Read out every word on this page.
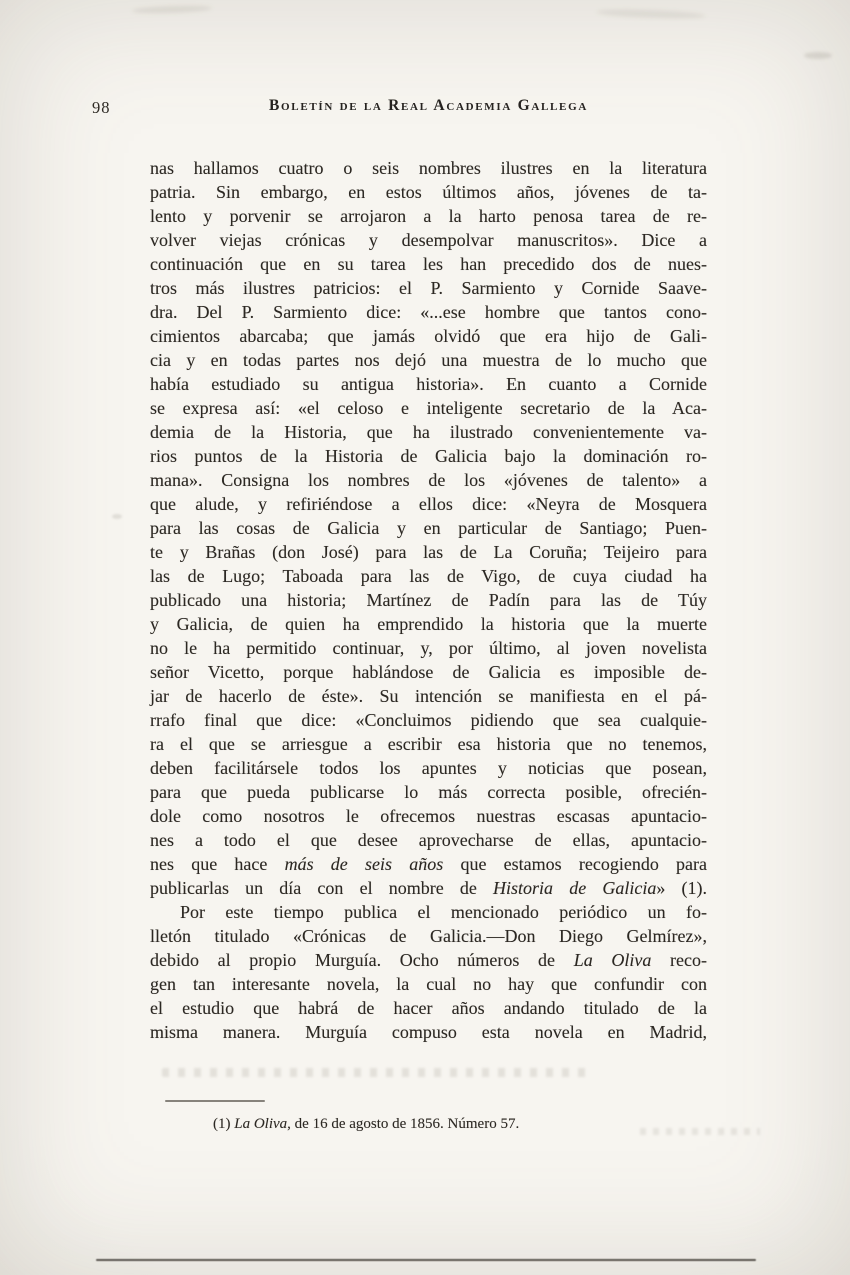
98	Boletín de la Real Academia Gallega
nas hallamos cuatro o seis nombres ilustres en la literatura
patria. Sin embargo, en estos últimos años, jóvenes de ta-
lento y porvenir se arrojaron a la harto penosa tarea de re-
volver viejas crónicas y desempolvar manuscritos». Dice a
continuación que en su tarea les han precedido dos de nues-
tros más ilustres patricios: el P. Sarmiento y Cornide Saave-
dra. Del P. Sarmiento dice: «...ese hombre que tantos cono-
cimientos abarcaba; que jamás olvidó que era hijo de Gali-
cia y en todas partes nos dejó una muestra de lo mucho que
había estudiado su antigua historia». En cuanto a Cornide
se expresa así: «el celoso e inteligente secretario de la Aca-
demia de la Historia, que ha ilustrado convenientemente va-
rios puntos de la Historia de Galicia bajo la dominación ro-
mana». Consigna los nombres de los «jóvenes de talento» a
que alude, y refiriéndose a ellos dice: «Neyra de Mosquera
para las cosas de Galicia y en particular de Santiago; Puen-
te y Brañas (don José) para las de La Coruña; Teijeiro para
las de Lugo; Taboada para las de Vigo, de cuya ciudad ha
publicado una historia; Martínez de Padín para las de Túy
y Galicia, de quien ha emprendido la historia que la muerte
no le ha permitido continuar, y, por último, al joven novelista
señor Vicetto, porque hablándose de Galicia es imposible de-
jar de hacerlo de éste». Su intención se manifiesta en el pá-
rrafo final que dice: «Concluimos pidiendo que sea cualquie-
ra el que se arriesgue a escribir esa historia que no tenemos,
deben facilitársele todos los apuntes y noticias que posean,
para que pueda publicarse lo más correcta posible, ofrecién-
dole como nosotros le ofrecemos nuestras escasas apuntacio-
nes a todo el que desee aprovecharse de ellas, apuntacio-
nes que hace más de seis años que estamos recogiendo para
publicarlas un día con el nombre de Historia de Galicia» (1).
Por este tiempo publica el mencionado periódico un fo-
lletón titulado «Crónicas de Galicia.—Don Diego Gelmírez»,
debido al propio Murguía. Ocho números de La Oliva reco-
gen tan interesante novela, la cual no hay que confundir con
el estudio que habrá de hacer años andando titulado de la
misma manera. Murguía compuso esta novela en Madrid,
(1) La Oliva, de 16 de agosto de 1856. Número 57.
